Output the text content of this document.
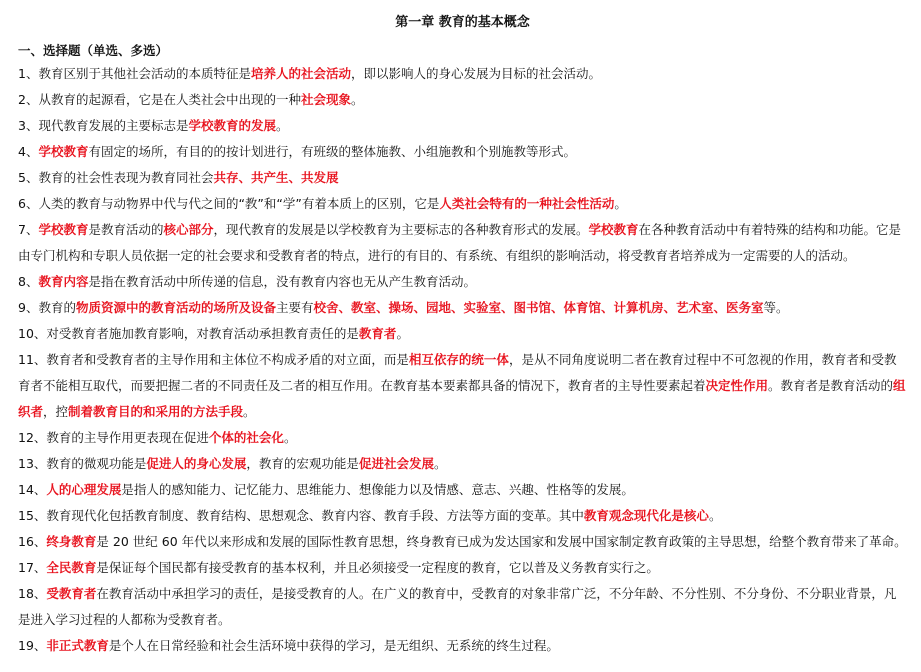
第一章 教育的基本概念
一、选择题（单选、多选）
1、教育区别于其他社会活动的本质特征是培养人的社会活动，即以影响人的身心发展为目标的社会活动。
2、从教育的起源看，它是在人类社会中出现的一种社会现象。
3、现代教育发展的主要标志是学校教育的发展。
4、学校教育有固定的场所，有目的的按计划进行，有班级的整体施教、小组施教和个别施教等形式。
5、教育的社会性表现为教育同社会共存、共产生、共发展
6、人类的教育与动物界中代与代之间的“教”和“学”有着本质上的区别，它是人类社会特有的一种社会性活动。
7、学校教育是教育活动的核心部分，现代教育的发展是以学校教育为主要标志的各种教育形式的发展。学校教育在各种教育活动中有着特殊的结构和功能。它是由专门机构和专职人员依据一定的社会要求和受教育者的特点，进行的有目的、有系统、有组织的影响活动，将受教育者培养成为一定需要的人的活动。
8、教育内容是指在教育活动中所传递的信息，没有教育内容也无从产生教育活动。
9、教育的物质资源中的教育活动的场所及设备主要有校舍、教室、操场、园地、实验室、图书馆、体育馆、计算机房、艺术室、医务室等。
10、对受教育者施加教育影响，对教育活动承担教育责任的是教育者。
11、教育者和受教育者的主导作用和主体位不构成矛盾的对立面，而是相互依存的统一体，是从不同角度说明二者在教育过程中不可忽视的作用，教育者和受教育者不能相互取代，而要把握二者的不同责任及二者的相互作用。在教育基本要素都具备的情况下，教育者的主导性要素起着决定性作用。教育者是教育活动的组织者，控制着教育目的和采用的方法手段。
12、教育的主导作用更表现在促进个体的社会化。
13、教育的微观功能是促进人的身心发展，教育的宏观功能是促进社会发展。
14、人的心理发展是指人的感知能力、记忆能力、思维能力、想像能力以及情感、意志、兴趣、性格等的发展。
15、教育现代化包括教育制度、教育结构、思想观念、教育内容、教育手段、方法等方面的变革。其中教育观念现代化是核心。
16、终身教育是 20 世纪 60 年代以来形成和发展的国际性教育思想，终身教育已成为发达国家和发展中国家制定教育政策的主导思想，给整个教育带来了革命。
17、全民教育是保证每个国民都有接受教育的基本权利，并且必须接受一定程度的教育，它以普及义务教育实行之。
18、受教育者在教育活动中承担学习的责任，是接受教育的人。在广义的教育中，受教育的对象非常广泛，不分年龄、不分性别、不分身份、不分职业背景，凡是进入学习过程的人都称为受教育者。
19、非正式教育是个人在日常经验和社会生活环境中获得的学习，是无组织、无系统的终生过程。
